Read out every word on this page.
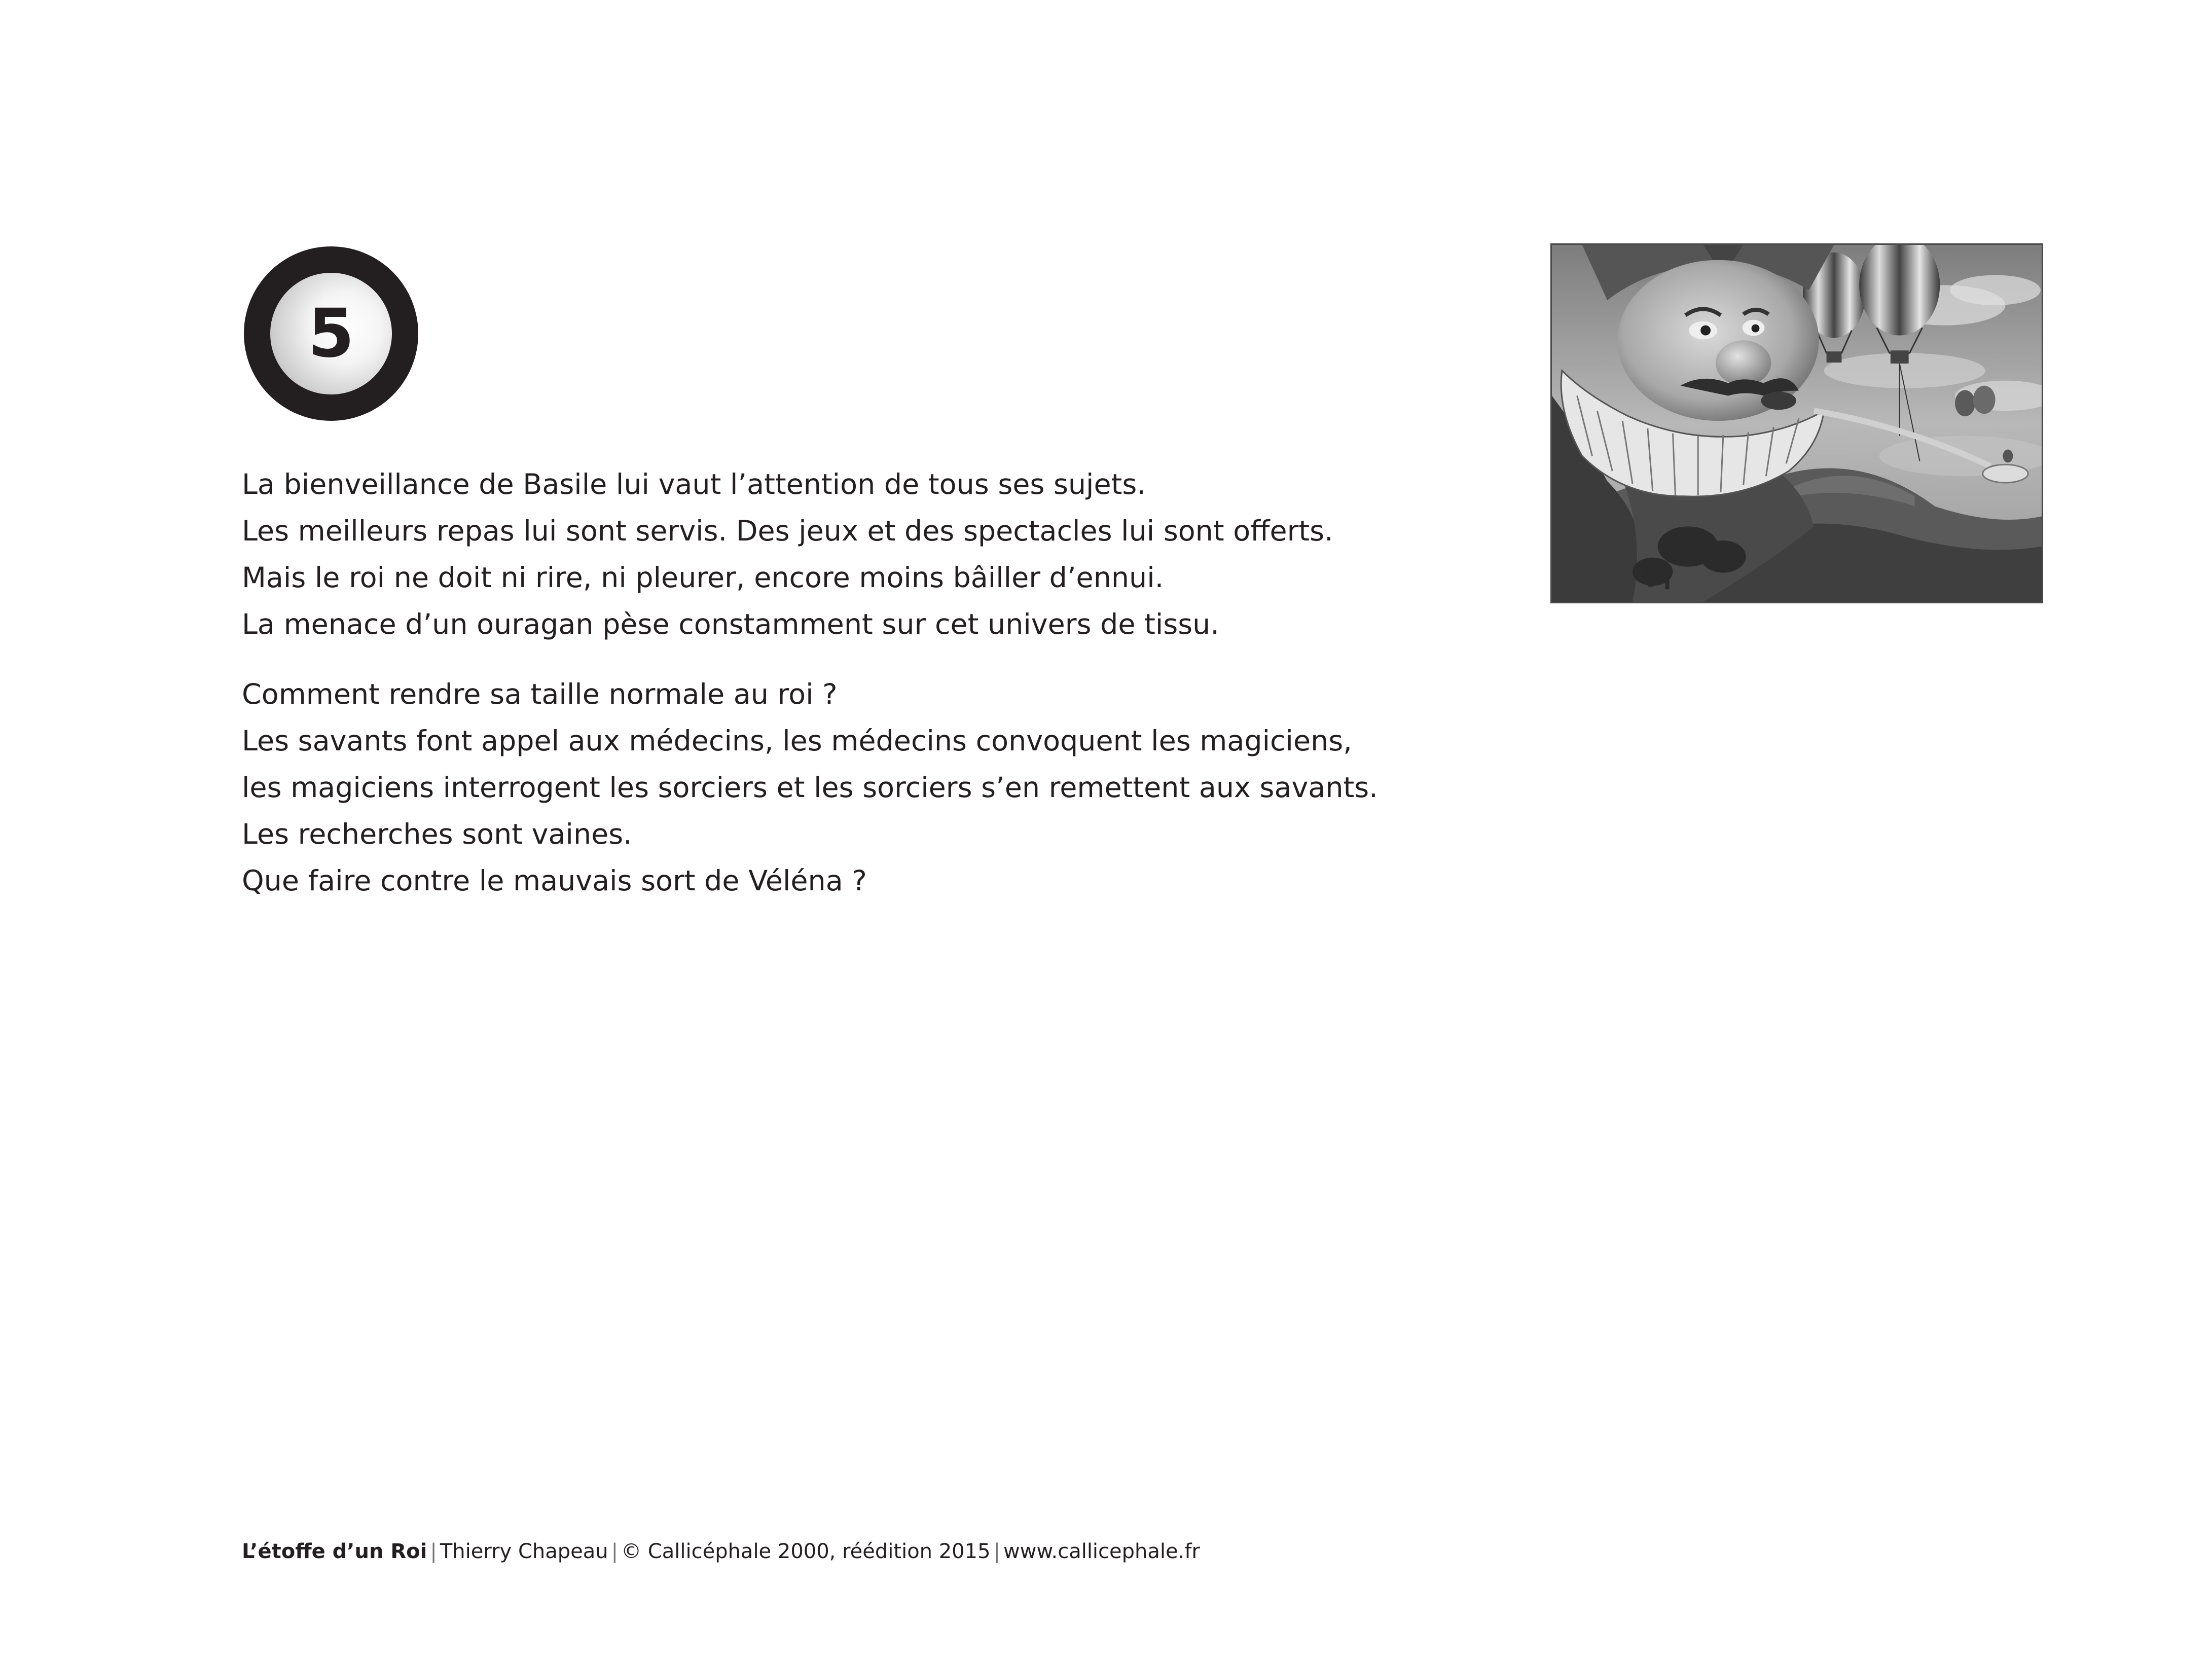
5

La bienveillance de Basile lui vaut l’attention de tous ses sujets.
Les meilleurs repas lui sont servis. Des jeux et des spectacles lui sont offerts.
Mais le roi ne doit ni rire, ni pleurer, encore moins bâiller d’ennui.
La menace d’un ouragan pèse constamment sur cet univers de tissu.

Comment rendre sa taille normale au roi ?
Les savants font appel aux médecins, les médecins convoquent les magiciens,
les magiciens interrogent les sorciers et les sorciers s’en remettent aux savants.
Les recherches sont vaines.
Que faire contre le mauvais sort de Véléna ?

L’étoffe d’un Roi | Thierry Chapeau | © Callicéphale 2000, réédition 2015 | www.callicephale.fr
